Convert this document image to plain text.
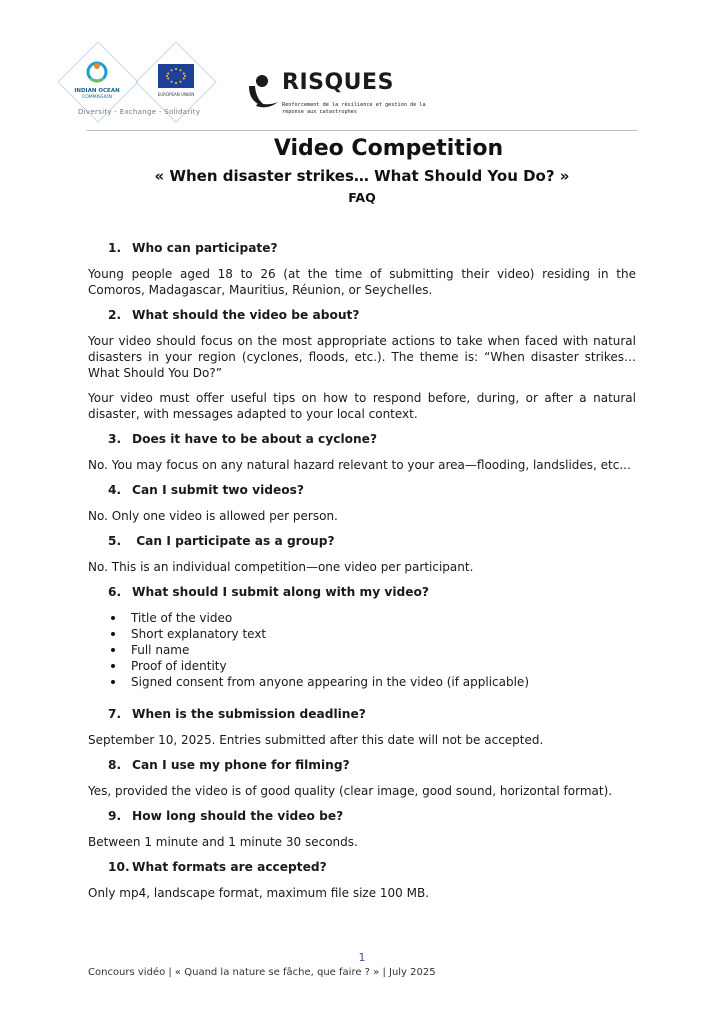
INDIAN OCEAN
COMMISSION
EUROPEAN UNION
Diversity - Exchange - Solidarity
RISQUES
Renforcement de la résilience et gestion de la réponse aux catastrophes
Video Competition
« When disaster strikes… What Should You Do? »
FAQ
1. Who can participate?

Young people aged 18 to 26 (at the time of submitting their video) residing in the Comoros, Madagascar, Mauritius, Réunion, or Seychelles.

2. What should the video be about?

Your video should focus on the most appropriate actions to take when faced with natural disasters in your region (cyclones, floods, etc.). The theme is: “When disaster strikes… What Should You Do?”

Your video must offer useful tips on how to respond before, during, or after a natural disaster, with messages adapted to your local context.

3. Does it have to be about a cyclone?

No. You may focus on any natural hazard relevant to your area—flooding, landslides, etc...

4. Can I submit two videos?

No. Only one video is allowed per person.

5. Can I participate as a group?

No. This is an individual competition—one video per participant.

6. What should I submit along with my video?
Title of the video
Short explanatory text
Full name
Proof of identity
Signed consent from anyone appearing in the video (if applicable)
7. When is the submission deadline?

September 10, 2025. Entries submitted after this date will not be accepted.

8. Can I use my phone for filming?

Yes, provided the video is of good quality (clear image, good sound, horizontal format).

9. How long should the video be?

Between 1 minute and 1 minute 30 seconds.

10. What formats are accepted?

Only mp4, landscape format, maximum file size 100 MB.

1
Concours vidéo | « Quand la nature se fâche, que faire ? » | July 2025
